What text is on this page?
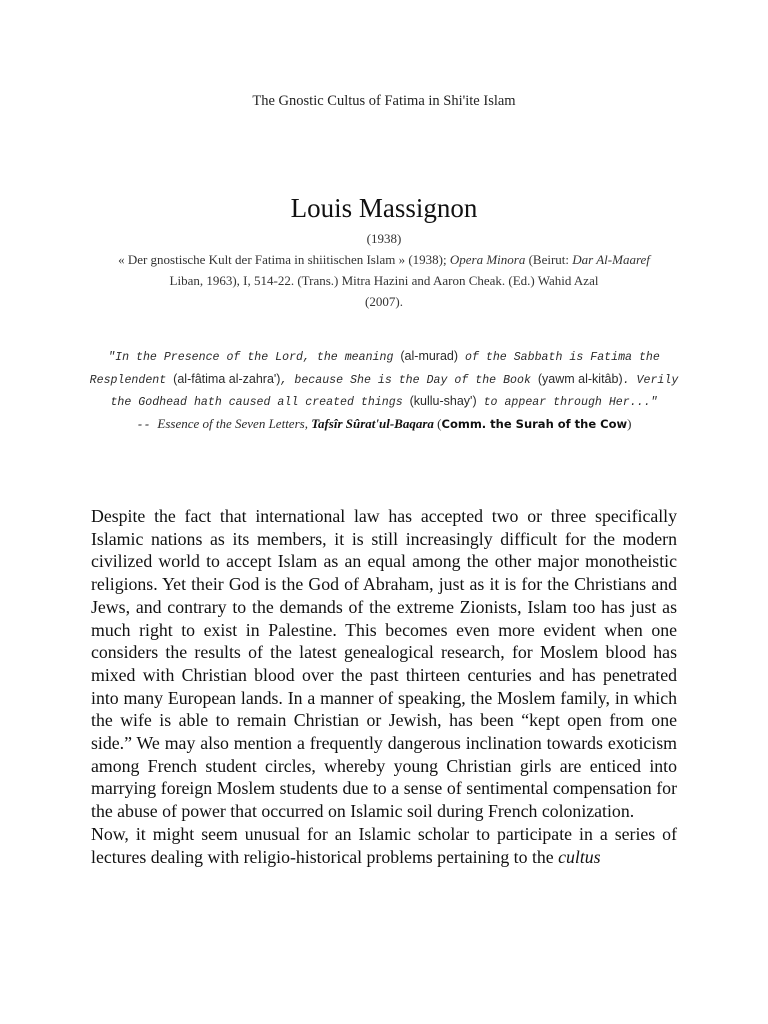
The Gnostic Cultus of Fatima in Shi'ite Islam
Louis Massignon

(1938)

« Der gnostische Kult der Fatima in shiitischen Islam » (1938); Opera Minora (Beirut: Dar Al-Maaref Liban, 1963), I, 514-22. (Trans.) Mitra Hazini and Aaron Cheak. (Ed.) Wahid Azal

(2007).

"In the Presence of the Lord, the meaning (al-murad) of the Sabbath is Fatima the Resplendent (al-fâtima al-zahra'), because She is the Day of the Book (yawm al-kitâb). Verily the Godhead hath caused all created things (kullu-shay') to appear through Her..."
-- Essence of the Seven Letters, Tafsîr Sûrat'ul-Baqara (Comm. the Surah of the Cow)

Despite the fact that international law has accepted two or three specifically Islamic nations as its members, it is still increasingly difficult for the modern civilized world to accept Islam as an equal among the other major monotheistic religions. Yet their God is the God of Abraham, just as it is for the Christians and Jews, and contrary to the demands of the extreme Zionists, Islam too has just as much right to exist in Palestine. This becomes even more evident when one considers the results of the latest genealogical research, for Moslem blood has mixed with Christian blood over the past thirteen centuries and has penetrated into many European lands. In a manner of speaking, the Moslem family, in which the wife is able to remain Christian or Jewish, has been “kept open from one side.” We may also mention a frequently dangerous inclination towards exoticism among French student circles, whereby young Christian girls are enticed into marrying foreign Moslem students due to a sense of sentimental compensation for the abuse of power that occurred on Islamic soil during French colonization.

Now, it might seem unusual for an Islamic scholar to participate in a series of lectures dealing with religio-historical problems pertaining to the cultus
